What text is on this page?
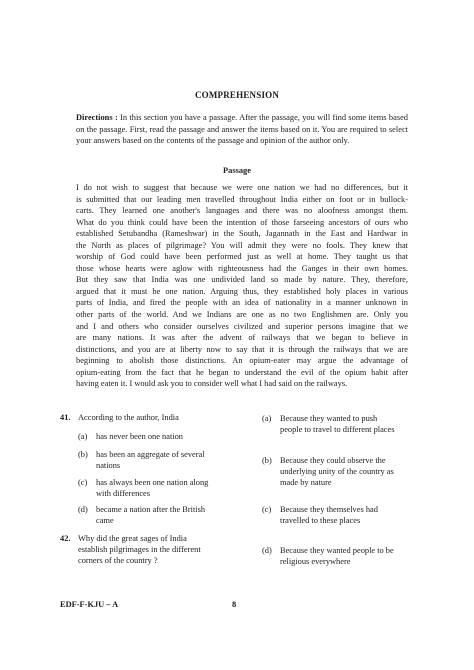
COMPREHENSION
Directions : In this section you have a passage. After the passage, you will find some items based on the passage. First, read the passage and answer the items based on it. You are required to select your answers based on the contents of the passage and opinion of the author only.
Passage
I do not wish to suggest that because we were one nation we had no differences, but it
is submitted that our leading men travelled throughout India either on foot or in bullock-
carts. They learned one another's languages and there was no aloofness amongst them.
What do you think could have been the intention of those farseeing ancestors of ours who
established Setubandha (Rameshwar) in the South, Jagannath in the East and Hardwar in
the North as places of pilgrimage? You will admit they were no fools. They knew that
worship of God could have been performed just as well at home. They taught us that
those whose hearts were aglow with righteousness had the Ganges in their own homes.
But they saw that India was one undivided land so made by nature. They, therefore,
argued that it must be one nation. Arguing thus, they established holy places in various
parts of India, and fired the people with an idea of nationality in a manner unknown in
other parts of the world. And we Indians are one as no two Englishmen are. Only you
and I and others who consider ourselves civilized and superior persons imagine that we
are many nations. It was after the advent of railways that we began to believe in
distinctions, and you are at liberty now to say that it is through the railways that we are
beginning to abolish those distinctions. An opium-eater may argue the advantage of
opium-eating from the fact that he began to understand the evil of the opium habit after
having eaten it. I would ask you to consider well what I had said on the railways.
41. According to the author, India
(a) has never been one nation
(b) has been an aggregate of several
nations
(c) has always been one nation along
with differences
(d) became a nation after the British
came
42. Why did the great sages of India
establish pilgrimages in the different
corners of the country ?
(a) Because they wanted to push
people to travel to different places
(b) Because they could observe the
underlying unity of the country as
made by nature
(c) Because they themselves had
travelled to these places
(d) Because they wanted people to be
religious everywhere
EDF-F-KJU – A	8
